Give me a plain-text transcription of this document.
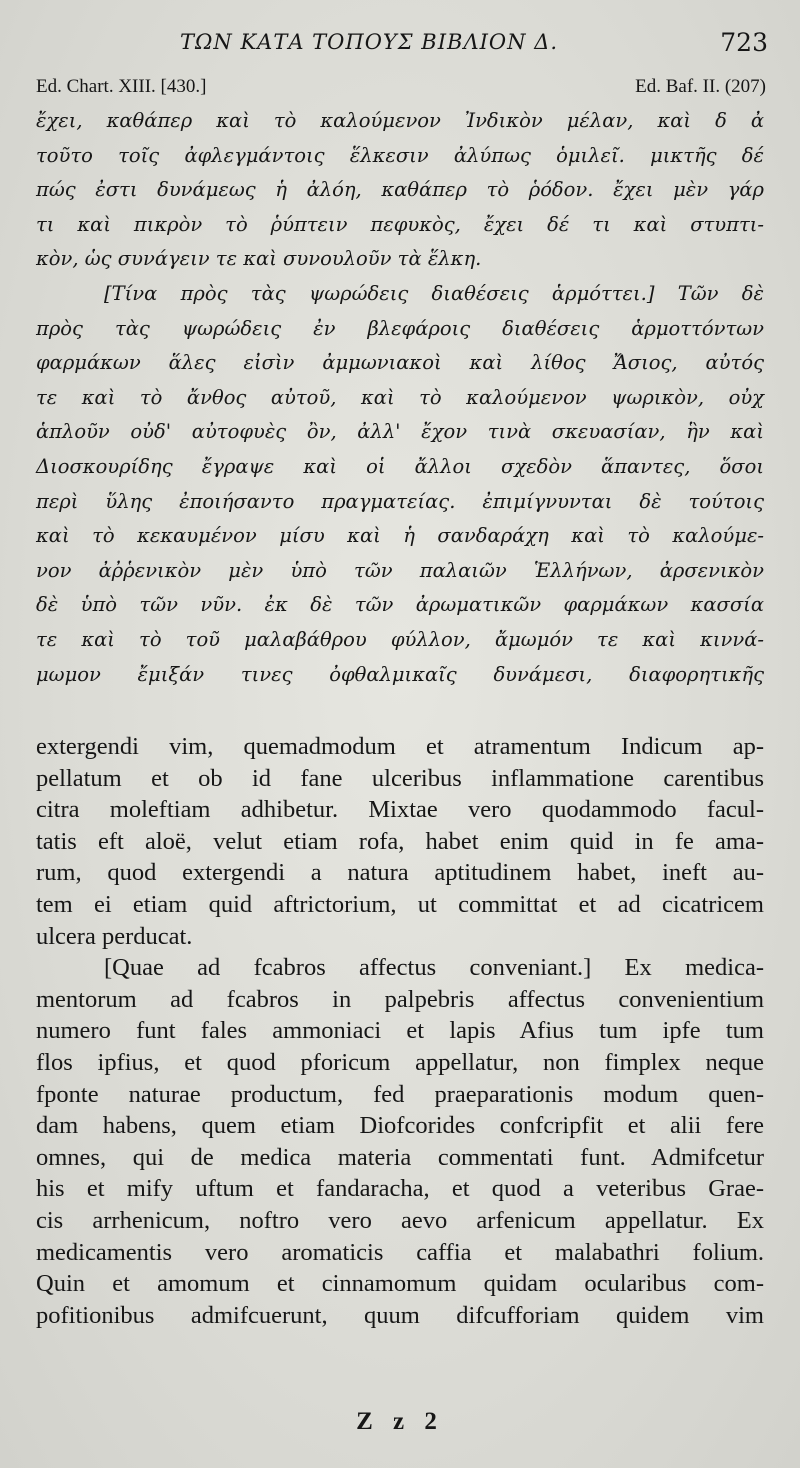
ΤΩΝ ΚΑΤΑ ΤΟΠΟΥΣ ΒΙΒΛΙΟΝ Δ.	723
Ed. Chart. XIII. [430.]	Ed. Baf. II. (207)
ἔχει, καθάπερ καὶ τὸ καλούμενον Ἰνδικὸν μέλαν, καὶ δ ἀ
τοῦτο τοῖς ἀφλεγμάντοις ἕλκεσιν ἀλύπως ὁμιλεῖ. μικτῆς δέ
πώς ἐστι δυνάμεως ἡ ἀλόη, καθάπερ τὸ ῥόδον. ἔχει μὲν γάρ
τι καὶ πικρὸν τὸ ῥύπτειν πεφυκὸς, ἔχει δέ τι καὶ στυπτι-
κὸν, ὡς συνάγειν τε καὶ συνουλοῦν τὰ ἕλκη.
[Τίνα πρὸς τὰς ψωρώδεις διαθέσεις ἁρμόττει.] Τῶν δὲ
πρὸς τὰς ψωρώδεις ἐν βλεφάροις διαθέσεις ἁρμοττόντων
φαρμάκων ἅλες εἰσὶν ἀμμωνιακοὶ καὶ λίθος Ἄσιος, αὐτός
τε καὶ τὸ ἄνθος αὐτοῦ, καὶ τὸ καλούμενον ψωρικὸν, οὐχ
ἁπλοῦν οὐδ' αὐτοφυὲς ὂν, ἀλλ' ἔχον τινὰ σκευασίαν, ἣν καὶ
Διοσκουρίδης ἔγραψε καὶ οἱ ἄλλοι σχεδὸν ἅπαντες, ὅσοι
περὶ ὕλης ἐποιήσαντο πραγματείας. ἐπιμίγνυνται δὲ τούτοις
καὶ τὸ κεκαυμένον μίσυ καὶ ἡ σανδαράχη καὶ τὸ καλούμε-
νον ἀῤῥενικὸν μὲν ὑπὸ τῶν παλαιῶν Ἑλλήνων, ἀρσενικὸν
δὲ ὑπὸ τῶν νῦν. ἐκ δὲ τῶν ἀρωματικῶν φαρμάκων κασσία
τε καὶ τὸ τοῦ μαλαβάθρου φύλλον, ἄμωμόν τε καὶ κιννά-
μωμον ἔμιξάν τινες ὀφθαλμικαῖς δυνάμεσι, διαφορητικῆς
extergendi vim, quemadmodum et atramentum Indicum ap-
pellatum et ob id fane ulceribus inflammatione carentibus
citra moleftiam adhibetur. Mixtae vero quodammodo facul-
tatis eft aloë, velut etiam rofa, habet enim quid in fe ama-
rum, quod extergendi a natura aptitudinem habet, ineft au-
tem ei etiam quid aftrictorium, ut committat et ad cicatricem
ulcera perducat.
[Quae ad fcabros affectus conveniant.] Ex medica-
mentorum ad fcabros in palpebris affectus convenientium
numero funt fales ammoniaci et lapis Afius tum ipfe tum
flos ipfius, et quod pforicum appellatur, non fimplex neque
fponte naturae productum, fed praeparationis modum quen-
dam habens, quem etiam Diofcorides confcripfit et alii fere
omnes, qui de medica materia commentati funt. Admifcetur
his et mify uftum et fandaracha, et quod a veteribus Grae-
cis arrhenicum, noftro vero aevo arfenicum appellatur. Ex
medicamentis vero aromaticis caffia et malabathri folium.
Quin et amomum et cinnamomum quidam ocularibus com-
pofitionibus admifcuerunt, quum difcufforiam quidem vim
Z z 2
